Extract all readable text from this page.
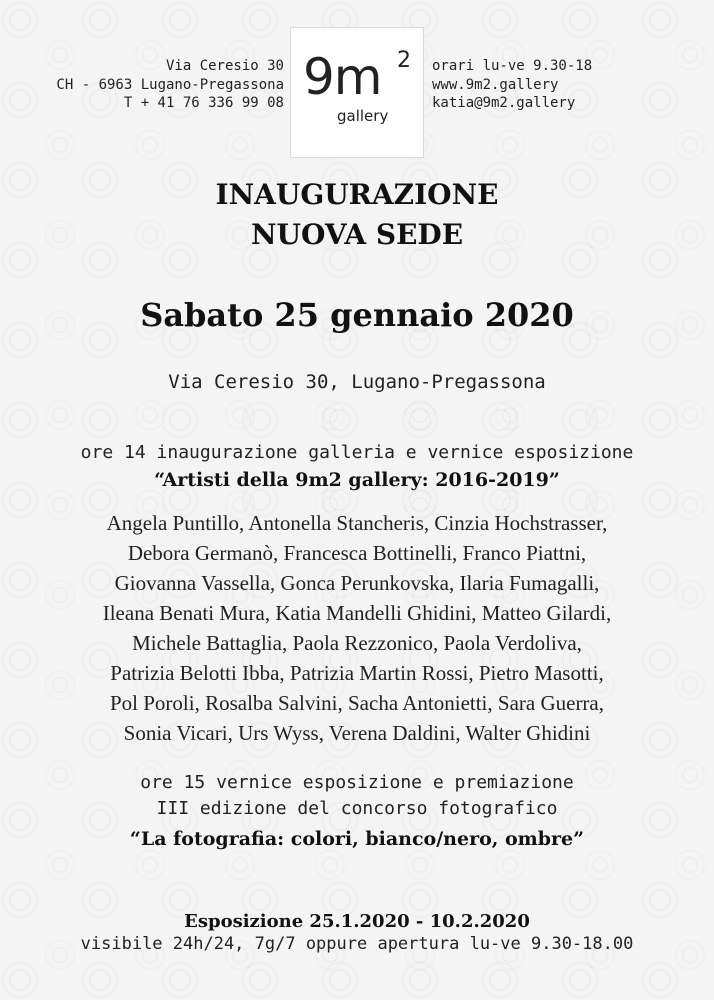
Via Ceresio 30
CH - 6963 Lugano-Pregassona
T + 41 76 336 99 08 9m 2
gallery
orari lu-ve 9.30-18
www.9m2.gallery
katia@9m2.gallery
INAUGURAZIONE
NUOVA SEDE
Sabato 25 gennaio 2020
Via Ceresio 30, Lugano-Pregassona
ore 14 inaugurazione galleria e vernice esposizione
“Artisti della 9m2 gallery: 2016-2019”
Angela Puntillo, Antonella Stancheris, Cinzia Hochstrasser,
Debora Germanò, Francesca Bottinelli, Franco Piattni,
Giovanna Vassella, Gonca Perunkovska, Ilaria Fumagalli,
Ileana Benati Mura, Katia Mandelli Ghidini, Matteo Gilardi,
Michele Battaglia, Paola Rezzonico, Paola Verdoliva,
Patrizia Belotti Ibba, Patrizia Martin Rossi, Pietro Masotti,
Pol Poroli, Rosalba Salvini, Sacha Antonietti, Sara Guerra,
Sonia Vicari, Urs Wyss, Verena Daldini, Walter Ghidini
ore 15 vernice esposizione e premiazione
III edizione del concorso fotografico
“La fotografia: colori, bianco/nero, ombre”
Esposizione 25.1.2020 - 10.2.2020
visibile 24h/24, 7g/7 oppure apertura lu-ve 9.30-18.00
